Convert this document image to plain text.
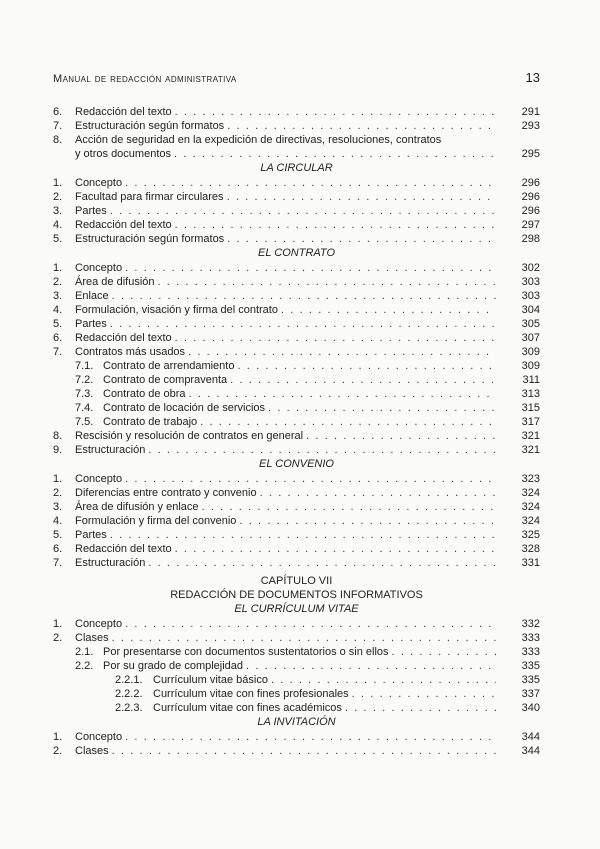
Manual de redacción administrativa	13
6. Redacción del texto . . .	291
7. Estructuración según formatos . . .	293
8. Acción de seguridad en la expedición de directivas, resoluciones, contratos
y otros documentos . . .	295
LA CIRCULAR
1. Concepto . . .	296
2. Facultad para firmar circulares . . .	296
3. Partes . . .	296
4. Redacción del texto . . .	297
5. Estructuración según formatos . . .	298
EL CONTRATO
1. Concepto . . .	302
2. Área de difusión . . .	303
3. Enlace . . .	303
4. Formulación, visación y firma del contrato . . .	304
5. Partes . . .	305
6. Redacción del texto . . .	307
7. Contratos más usados . . .	309
7.1. Contrato de arrendamiento . . .	309
7.2. Contrato de compraventa . . .	311
7.3. Contrato de obra . . .	313
7.4. Contrato de locación de servicios . . .	315
7.5. Contrato de trabajo . . .	317
8. Rescisión y resolución de contratos en general . . .	321
9. Estructuración . . .	321
EL CONVENIO
1. Concepto . . .	323
2. Diferencias entre contrato y convenio . . .	324
3. Área de difusión y enlace . . .	324
4. Formulación y firma del convenio . . .	324
5. Partes . . .	325
6. Redacción del texto . . .	328
7. Estructuración . . .	331
CAPÍTULO VII
REDACCIÓN DE DOCUMENTOS INFORMATIVOS
EL CURRÍCULUM VITAE
1. Concepto . . .	332
2. Clases . . .	333
2.1. Por presentarse con documentos sustentatorios o sin ellos . . .	333
2.2. Por su grado de complejidad . . .	335
2.2.1. Currículum vitae básico . . .	335
2.2.2. Currículum vitae con fines profesionales . . .	337
2.2.3. Currículum vitae con fines académicos . . .	340
LA INVITACIÓN
1. Concepto . . .	344
2. Clases . . .	344
